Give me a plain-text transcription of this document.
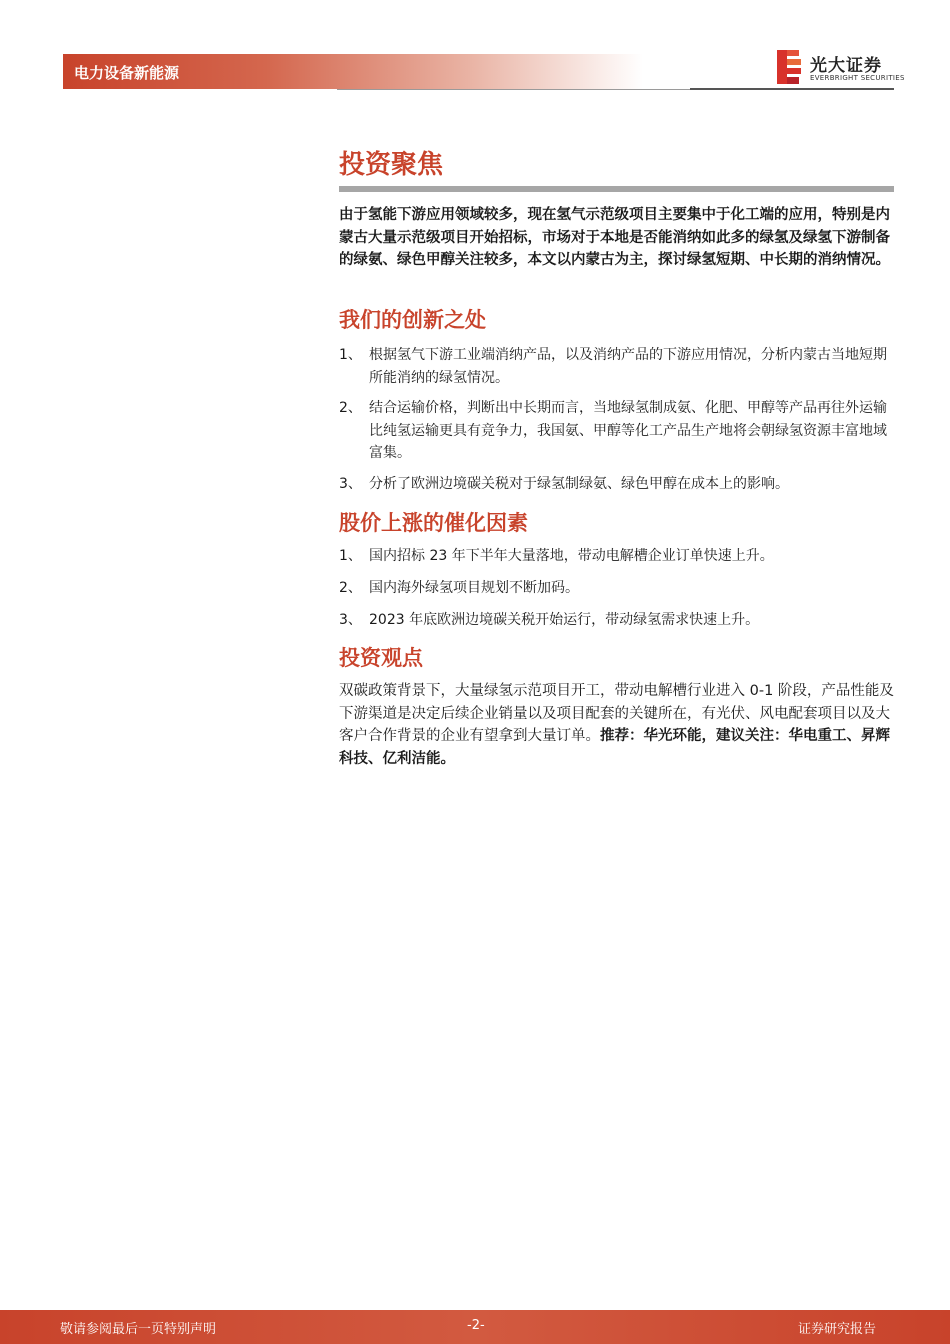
电力设备新能源	光大证券
EVERBRIGHT SECURITIES
投资聚焦

由于氢能下游应用领域较多，现在氢气示范级项目主要集中于化工端的应用，特别是内蒙古大量示范级项目开始招标，市场对于本地是否能消纳如此多的绿氢及绿氢下游制备的绿氨、绿色甲醇关注较多，本文以内蒙古为主，探讨绿氢短期、中长期的消纳情况。

我们的创新之处
1、 根据氢气下游工业端消纳产品，以及消纳产品的下游应用情况，分析内蒙古当地短期所能消纳的绿氢情况。
2、 结合运输价格，判断出中长期而言，当地绿氢制成氨、化肥、甲醇等产品再往外运输比纯氢运输更具有竞争力，我国氨、甲醇等化工产品生产地将会朝绿氢资源丰富地域富集。
3、 分析了欧洲边境碳关税对于绿氢制绿氨、绿色甲醇在成本上的影响。
股价上涨的催化因素
1、 国内招标 23 年下半年大量落地，带动电解槽企业订单快速上升。
2、 国内海外绿氢项目规划不断加码。
3、 2023 年底欧洲边境碳关税开始运行，带动绿氢需求快速上升。
投资观点

双碳政策背景下，大量绿氢示范项目开工，带动电解槽行业进入 0-1 阶段，产品性能及下游渠道是决定后续企业销量以及项目配套的关键所在，有光伏、风电配套项目以及大客户合作背景的企业有望拿到大量订单。推荐：华光环能，建议关注：华电重工、昇辉科技、亿利洁能。

敬请参阅最后一页特别声明	-2-	证券研究报告
